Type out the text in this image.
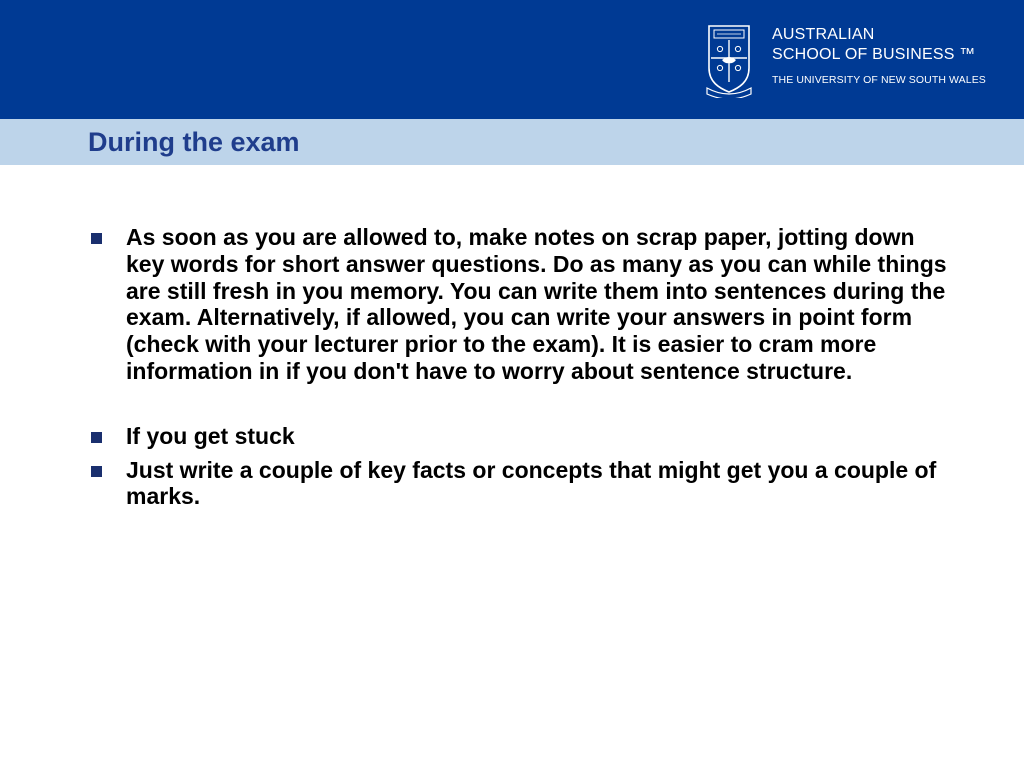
AUSTRALIAN
SCHOOL OF BUSINESS ™
THE UNIVERSITY OF NEW SOUTH WALES
During the exam
As soon as you are allowed to, make notes on scrap paper, jotting down key words for short answer questions. Do as many as you can while things are still fresh in you memory. You can write them into sentences during the exam. Alternatively, if allowed, you can write your answers in point form (check with your lecturer prior to the exam). It is easier to cram more information in if you don't have to worry about sentence structure.
If you get stuck
Just write a couple of key facts or concepts that might get you a couple of marks.
